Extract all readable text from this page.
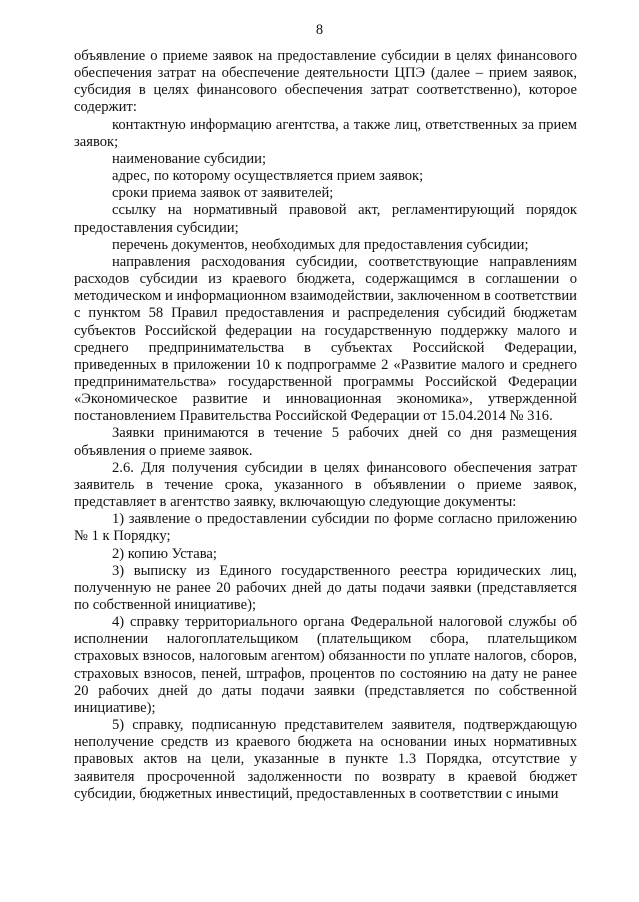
8

объявление о приеме заявок на предоставление субсидии в целях финансового обеспечения затрат на обеспечение деятельности ЦПЭ (далее – прием заявок, субсидия в целях финансового обеспечения затрат соответственно), которое содержит:

контактную информацию агентства, а также лиц, ответственных за прием заявок;

наименование субсидии;

адрес, по которому осуществляется прием заявок;

сроки приема заявок от заявителей;

ссылку на нормативный правовой акт, регламентирующий порядок предоставления субсидии;

перечень документов, необходимых для предоставления субсидии;

направления расходования субсидии, соответствующие направлениям расходов субсидии из краевого бюджета, содержащимся в соглашении о методическом и информационном взаимодействии, заключенном в соответствии с пунктом 58 Правил предоставления и распределения субсидий бюджетам субъектов Российской федерации на государственную поддержку малого и среднего предпринимательства в субъектах Российской Федерации, приведенных в приложении 10 к подпрограмме 2 «Развитие малого и среднего предпринимательства» государственной программы Российской Федерации «Экономическое развитие и инновационная экономика», утвержденной постановлением Правительства Российской Федерации от 15.04.2014 № 316.

Заявки принимаются в течение 5 рабочих дней со дня размещения объявления о приеме заявок.

2.6. Для получения субсидии в целях финансового обеспечения затрат заявитель в течение срока, указанного в объявлении о приеме заявок, представляет в агентство заявку, включающую следующие документы:

1) заявление о предоставлении субсидии по форме согласно приложению № 1 к Порядку;

2) копию Устава;

3) выписку из Единого государственного реестра юридических лиц, полученную не ранее 20 рабочих дней до даты подачи заявки (представляется по собственной инициативе);

4) справку территориального органа Федеральной налоговой службы об исполнении налогоплательщиком (плательщиком сбора, плательщиком страховых взносов, налоговым агентом) обязанности по уплате налогов, сборов, страховых взносов, пеней, штрафов, процентов по состоянию на дату не ранее 20 рабочих дней до даты подачи заявки (представляется по собственной инициативе);

5) справку, подписанную представителем заявителя, подтверждающую неполучение средств из краевого бюджета на основании иных нормативных правовых актов на цели, указанные в пункте 1.3 Порядка, отсутствие у заявителя просроченной задолженности по возврату в краевой бюджет субсидии, бюджетных инвестиций, предоставленных в соответствии с иными
